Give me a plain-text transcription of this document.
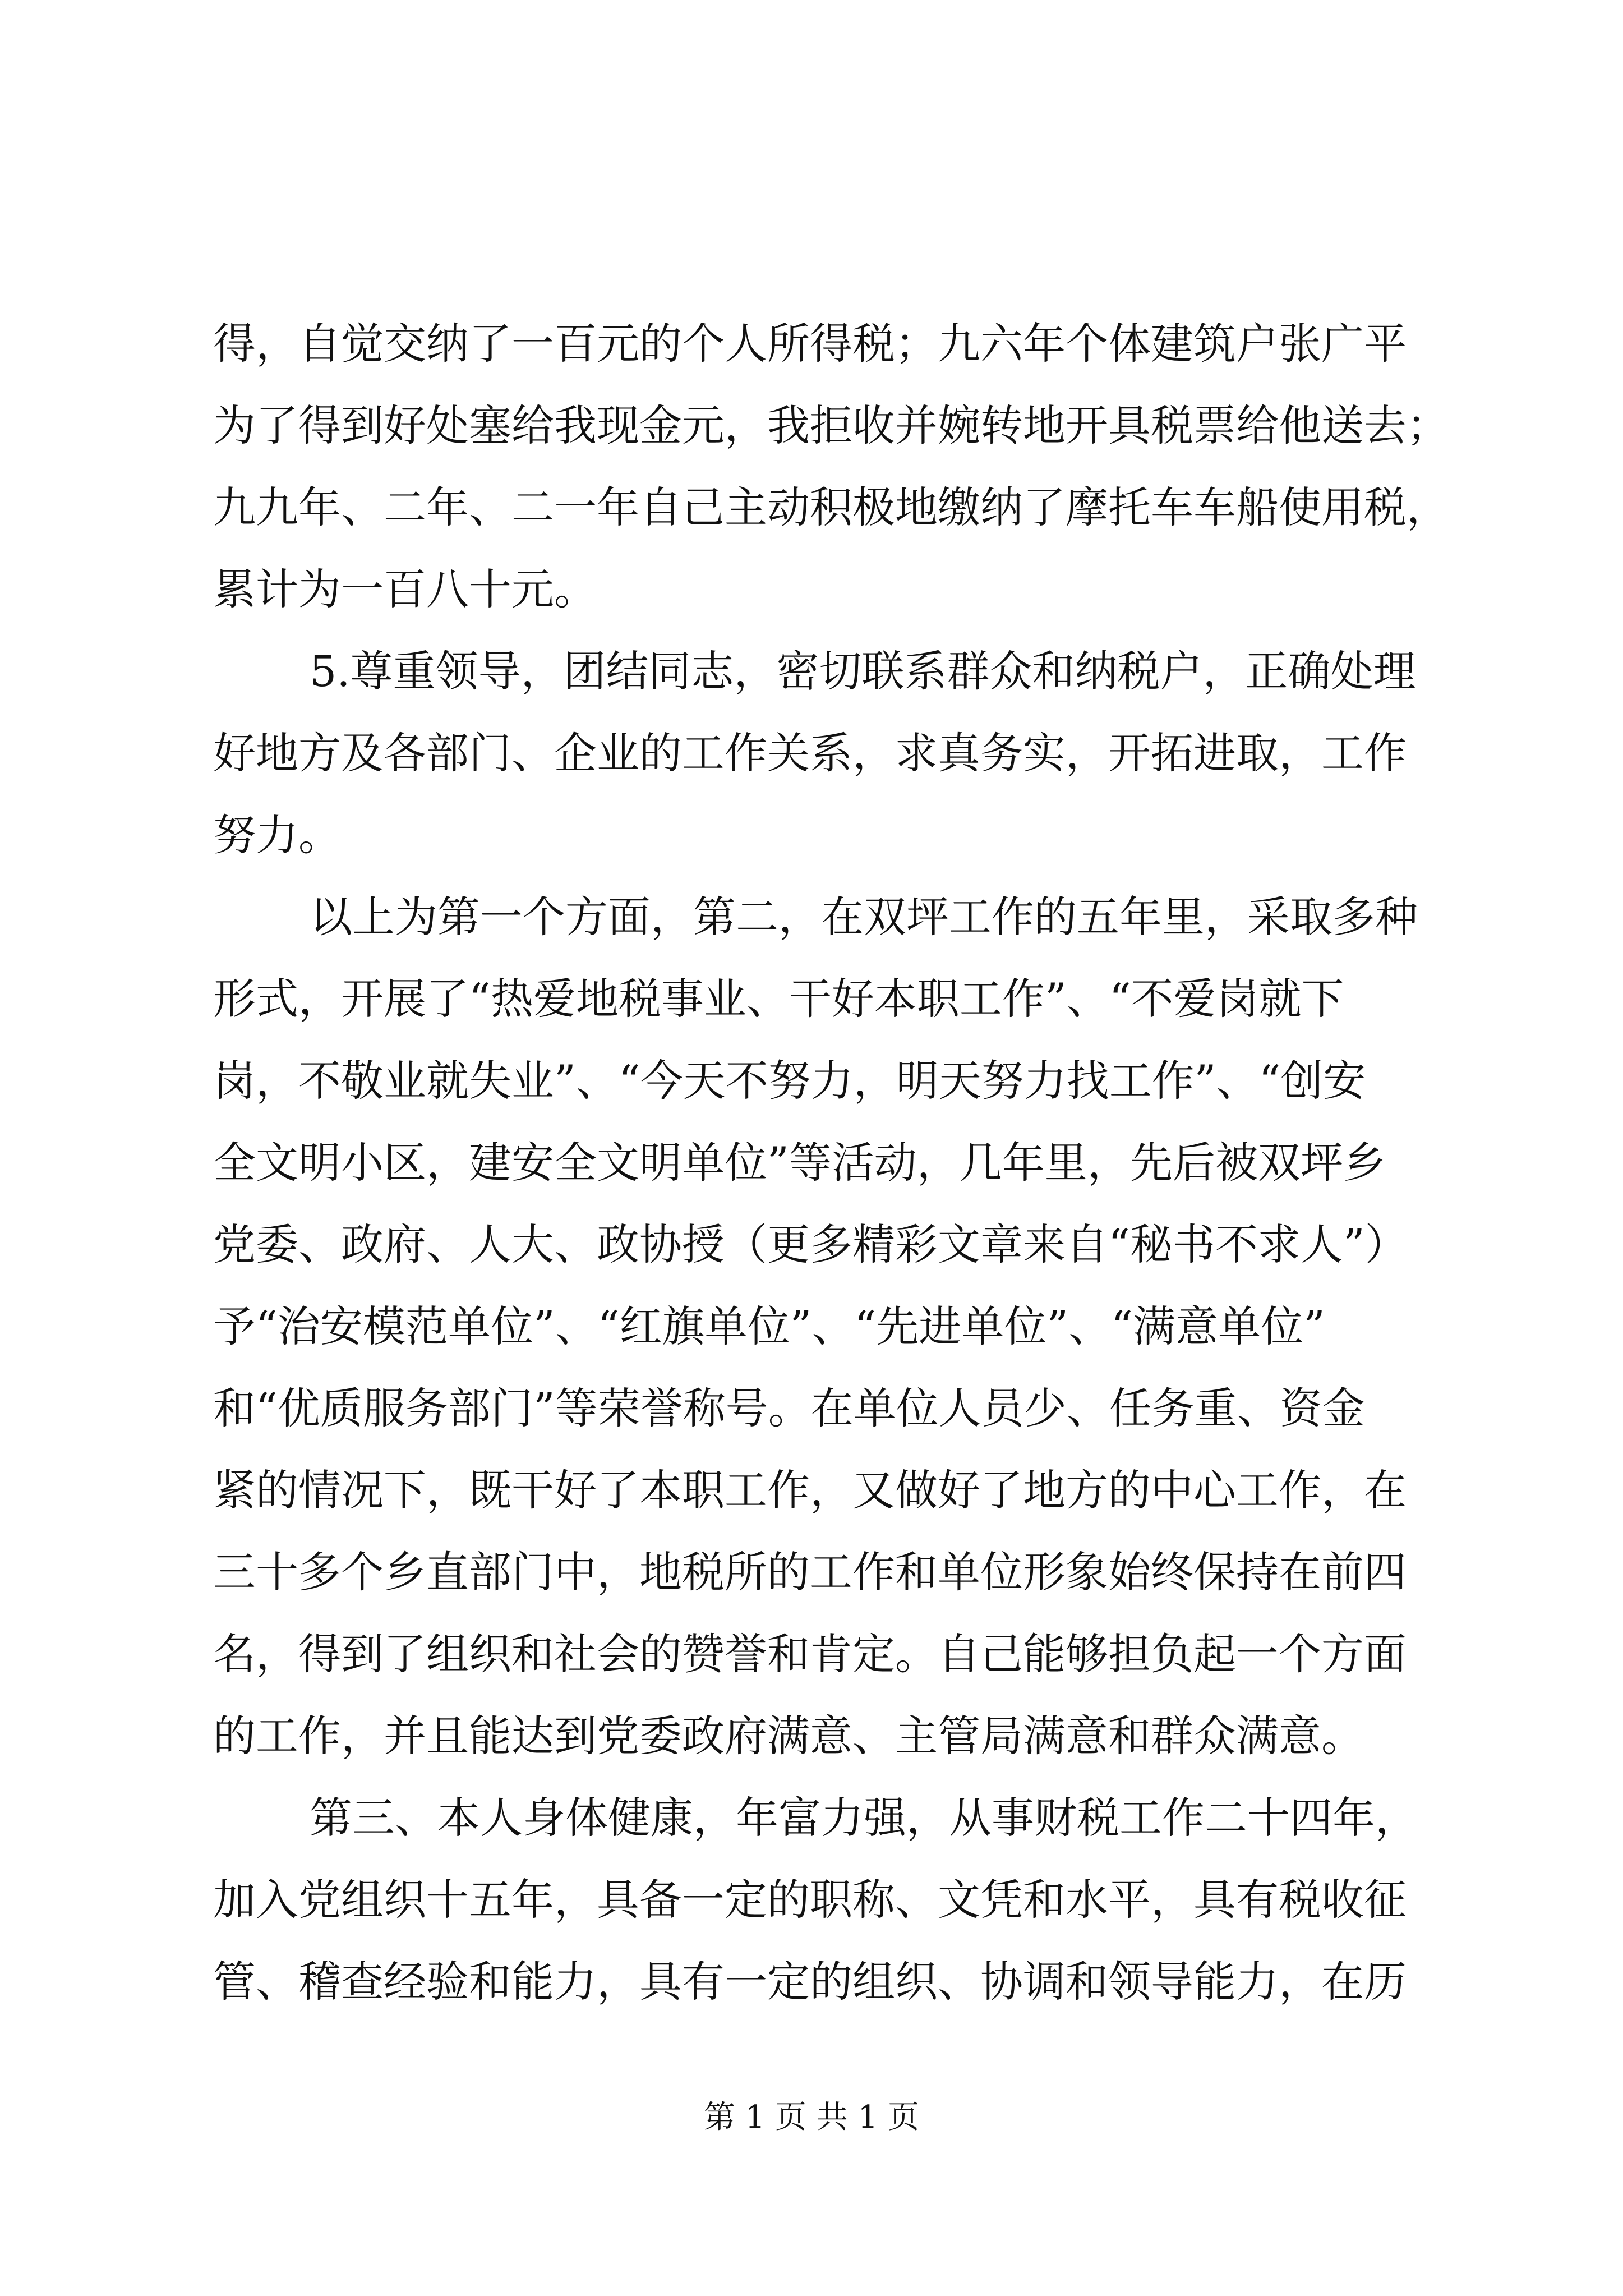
得，自觉交纳了一百元的个人所得税；九六年个体建筑户张广平
为了得到好处塞给我现金元，我拒收并婉转地开具税票给他送去；
九九年、二年、二一年自己主动积极地缴纳了摩托车车船使用税，
累计为一百八十元。
5.尊重领导，团结同志，密切联系群众和纳税户，正确处理
好地方及各部门、企业的工作关系，求真务实，开拓进取，工作
努力。
以上为第一个方面，第二，在双坪工作的五年里，采取多种
形式，开展了“热爱地税事业、干好本职工作”、“不爱岗就下
岗，不敬业就失业”、“今天不努力，明天努力找工作”、“创安
全文明小区，建安全文明单位”等活动，几年里，先后被双坪乡
党委、政府、人大、政协授（更多精彩文章来自“秘书不求人”）
予“治安模范单位”、“红旗单位”、“先进单位”、“满意单位”
和“优质服务部门”等荣誉称号。在单位人员少、任务重、资金
紧的情况下，既干好了本职工作，又做好了地方的中心工作，在
三十多个乡直部门中，地税所的工作和单位形象始终保持在前四
名，得到了组织和社会的赞誉和肯定。自己能够担负起一个方面
的工作，并且能达到党委政府满意、主管局满意和群众满意。
第三、本人身体健康，年富力强，从事财税工作二十四年，
加入党组织十五年，具备一定的职称、文凭和水平，具有税收征
管、稽查经验和能力，具有一定的组织、协调和领导能力，在历
第 1 页 共 1 页
